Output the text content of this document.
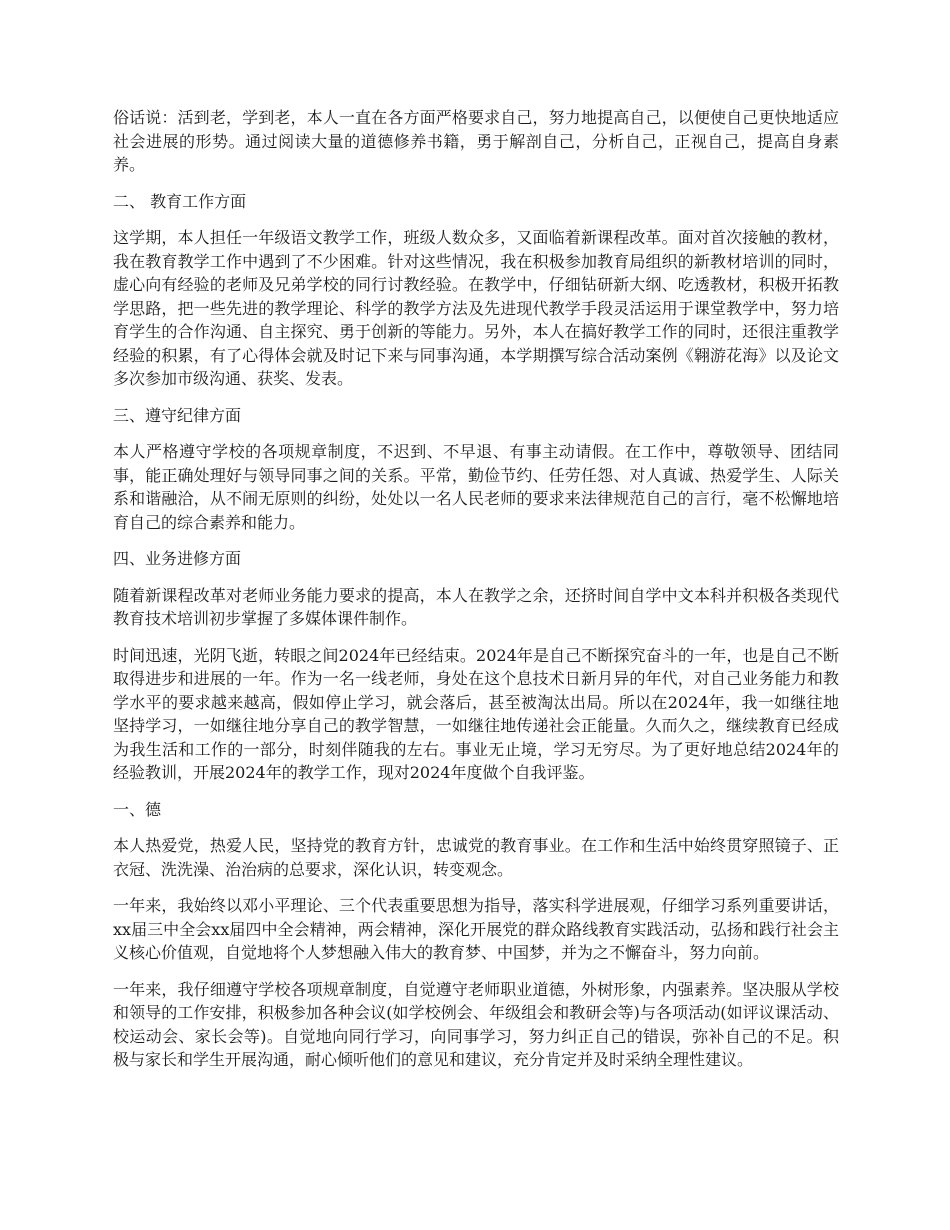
俗话说：活到老，学到老，本人一直在各方面严格要求自己，努力地提高自己，以便使自己更快地适应社会进展的形势。通过阅读大量的道德修养书籍，勇于解剖自己，分析自己，正视自己，提高自身素养。

二、 教育工作方面

这学期，本人担任一年级语文教学工作，班级人数众多，又面临着新课程改革。面对首次接触的教材，我在教育教学工作中遇到了不少困难。针对这些情况，我在积极参加教育局组织的新教材培训的同时，虚心向有经验的老师及兄弟学校的同行讨教经验。在教学中，仔细钻研新大纲、吃透教材，积极开拓教学思路，把一些先进的教学理论、科学的教学方法及先进现代教学手段灵活运用于课堂教学中，努力培育学生的合作沟通、自主探究、勇于创新的等能力。另外，本人在搞好教学工作的同时，还很注重教学经验的积累，有了心得体会就及时记下来与同事沟通，本学期撰写综合活动案例《翱游花海》以及论文多次参加市级沟通、获奖、发表。

三、遵守纪律方面

本人严格遵守学校的各项规章制度，不迟到、不早退、有事主动请假。在工作中，尊敬领导、团结同事，能正确处理好与领导同事之间的关系。平常，勤俭节约、任劳任怨、对人真诚、热爱学生、人际关系和谐融洽，从不闹无原则的纠纷，处处以一名人民老师的要求来法律规范自己的言行，毫不松懈地培育自己的综合素养和能力。

四、业务进修方面

随着新课程改革对老师业务能力要求的提高，本人在教学之余，还挤时间自学中文本科并积极各类现代教育技术培训初步掌握了多媒体课件制作。

时间迅速，光阴飞逝，转眼之间2024年已经结束。2024年是自己不断探究奋斗的一年，也是自己不断取得进步和进展的一年。作为一名一线老师，身处在这个息技术日新月异的年代，对自己业务能力和教学水平的要求越来越高，假如停止学习，就会落后，甚至被淘汰出局。所以在2024年，我一如继往地坚持学习，一如继往地分享自己的教学智慧，一如继往地传递社会正能量。久而久之，继续教育已经成为我生活和工作的一部分，时刻伴随我的左右。事业无止境，学习无穷尽。为了更好地总结2024年的经验教训，开展2024年的教学工作，现对2024年度做个自我评鉴。

一、德

本人热爱党，热爱人民，坚持党的教育方针，忠诚党的教育事业。在工作和生活中始终贯穿照镜子、正衣冠、洗洗澡、治治病的总要求，深化认识，转变观念。

一年来，我始终以邓小平理论、三个代表重要思想为指导，落实科学进展观，仔细学习系列重要讲话，xx届三中全会xx届四中全会精神，两会精神，深化开展党的群众路线教育实践活动，弘扬和践行社会主义核心价值观，自觉地将个人梦想融入伟大的教育梦、中国梦，并为之不懈奋斗，努力向前。

一年来，我仔细遵守学校各项规章制度，自觉遵守老师职业道德，外树形象，内强素养。坚决服从学校和领导的工作安排，积极参加各种会议(如学校例会、年级组会和教研会等)与各项活动(如评议课活动、校运动会、家长会等)。自觉地向同行学习，向同事学习，努力纠正自己的错误，弥补自己的不足。积极与家长和学生开展沟通，耐心倾听他们的意见和建议，充分肯定并及时采纳全理性建议。
